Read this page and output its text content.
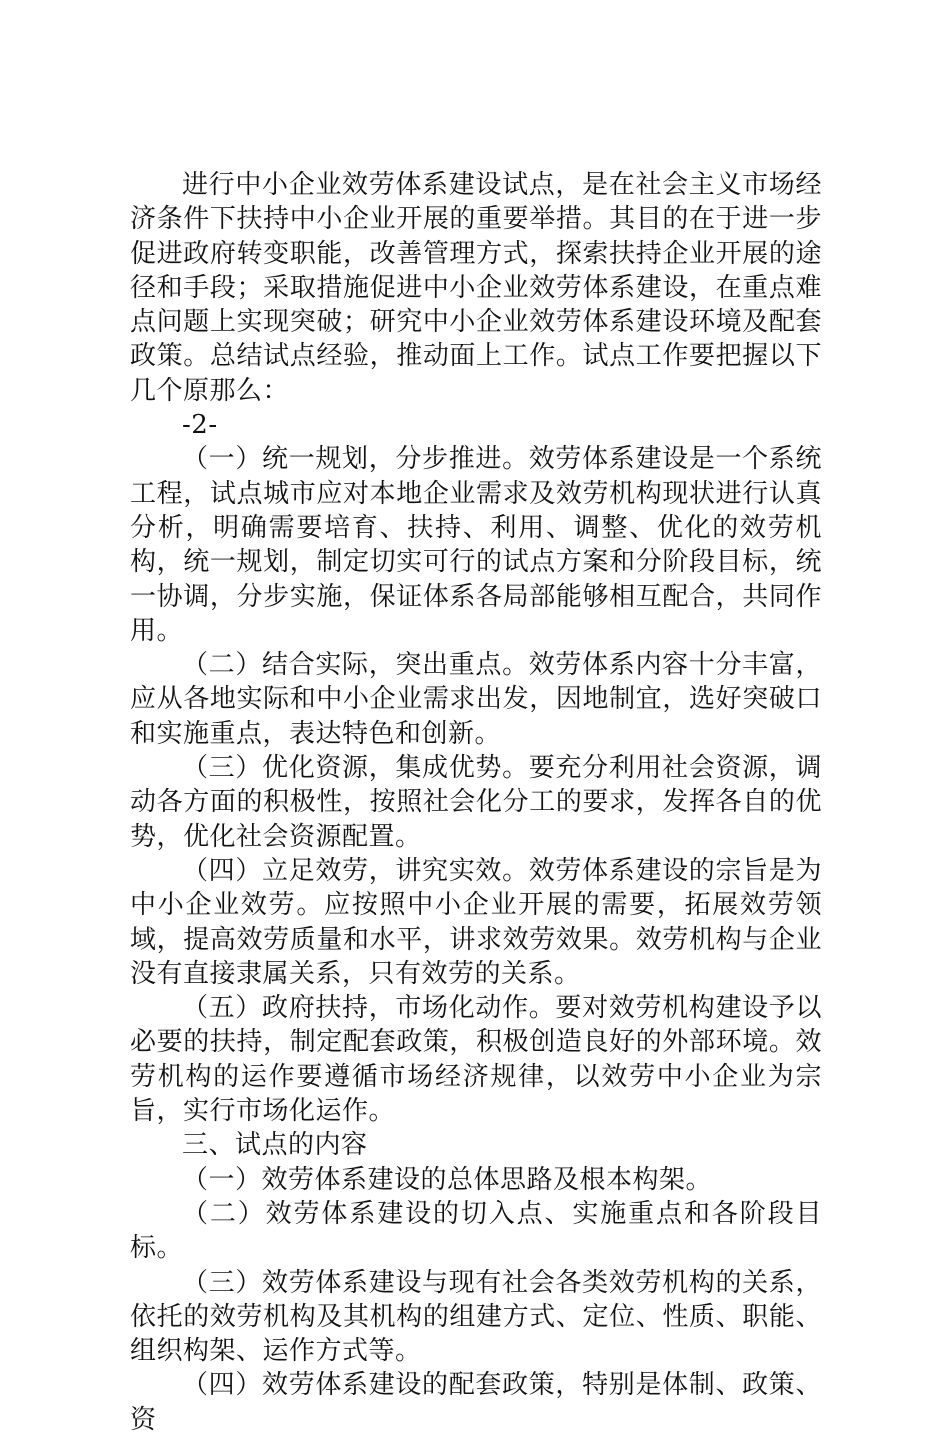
进行中小企业效劳体系建设试点，是在社会主义市场经济条件下扶持中小企业开展的重要举措。其目的在于进一步促进政府转变职能，改善管理方式，探索扶持企业开展的途径和手段；采取措施促进中小企业效劳体系建设，在重点难点问题上实现突破；研究中小企业效劳体系建设环境及配套政策。总结试点经验，推动面上工作。试点工作要把握以下几个原那么：

-2-

（一）统一规划，分步推进。效劳体系建设是一个系统工程，试点城市应对本地企业需求及效劳机构现状进行认真分析，明确需要培育、扶持、利用、调整、优化的效劳机构，统一规划，制定切实可行的试点方案和分阶段目标，统一协调，分步实施，保证体系各局部能够相互配合，共同作用。

（二）结合实际，突出重点。效劳体系内容十分丰富，应从各地实际和中小企业需求出发，因地制宜，选好突破口和实施重点，表达特色和创新。

（三）优化资源，集成优势。要充分利用社会资源，调动各方面的积极性，按照社会化分工的要求，发挥各自的优势，优化社会资源配置。

（四）立足效劳，讲究实效。效劳体系建设的宗旨是为中小企业效劳。应按照中小企业开展的需要，拓展效劳领域，提高效劳质量和水平，讲求效劳效果。效劳机构与企业没有直接隶属关系，只有效劳的关系。

（五）政府扶持，市场化动作。要对效劳机构建设予以必要的扶持，制定配套政策，积极创造良好的外部环境。效劳机构的运作要遵循市场经济规律，以效劳中小企业为宗旨，实行市场化运作。

三、试点的内容

（一）效劳体系建设的总体思路及根本构架。

（二）效劳体系建设的切入点、实施重点和各阶段目标。

（三）效劳体系建设与现有社会各类效劳机构的关系，依托的效劳机构及其机构的组建方式、定位、性质、职能、组织构架、运作方式等。

（四）效劳体系建设的配套政策，特别是体制、政策、资
